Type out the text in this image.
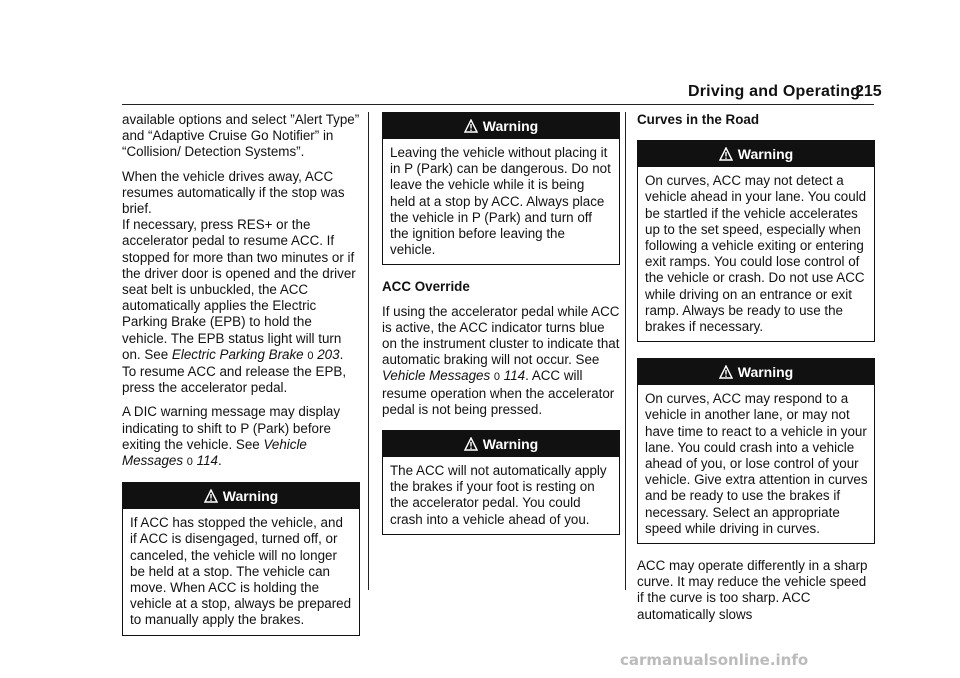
Driving and Operating
215

available options and select ”Alert Type” and “Adaptive Cruise Go Notifier” in “Collision/ Detection Systems”.

When the vehicle drives away, ACC resumes automatically if the stop was brief.
If necessary, press RES+ or the accelerator pedal to resume ACC. If stopped for more than two minutes or if the driver door is opened and the driver seat belt is unbuckled, the ACC automatically applies the Electric Parking Brake (EPB) to hold the vehicle. The EPB status light will turn on. See Electric Parking Brake 0 203. To resume ACC and release the EPB, press the accelerator pedal.

A DIC warning message may display indicating to shift to P (Park) before exiting the vehicle. See Vehicle Messages 0 114.

Warning
If ACC has stopped the vehicle, and if ACC is disengaged, turned off, or canceled, the vehicle will no longer be held at a stop. The vehicle can move. When ACC is holding the vehicle at a stop, always be prepared to manually apply the brakes.
Warning
Leaving the vehicle without placing it in P (Park) can be dangerous. Do not leave the vehicle while it is being held at a stop by ACC. Always place the vehicle in P (Park) and turn off the ignition before leaving the vehicle.

ACC Override

If using the accelerator pedal while ACC is active, the ACC indicator turns blue on the instrument cluster to indicate that automatic braking will not occur. See Vehicle Messages 0 114. ACC will resume operation when the accelerator pedal is not being pressed.

Warning
The ACC will not automatically apply the brakes if your foot is resting on the accelerator pedal. You could crash into a vehicle ahead of you.

Curves in the Road

Warning
On curves, ACC may not detect a vehicle ahead in your lane. You could be startled if the vehicle accelerates up to the set speed, especially when following a vehicle exiting or entering exit ramps. You could lose control of the vehicle or crash. Do not use ACC while driving on an entrance or exit ramp. Always be ready to use the brakes if necessary.
Warning
On curves, ACC may respond to a vehicle in another lane, or may not have time to react to a vehicle in your lane. You could crash into a vehicle ahead of you, or lose control of your vehicle. Give extra attention in curves and be ready to use the brakes if necessary. Select an appropriate speed while driving in curves.

ACC may operate differently in a sharp curve. It may reduce the vehicle speed if the curve is too sharp. ACC automatically slows

carmanualsonline.info
